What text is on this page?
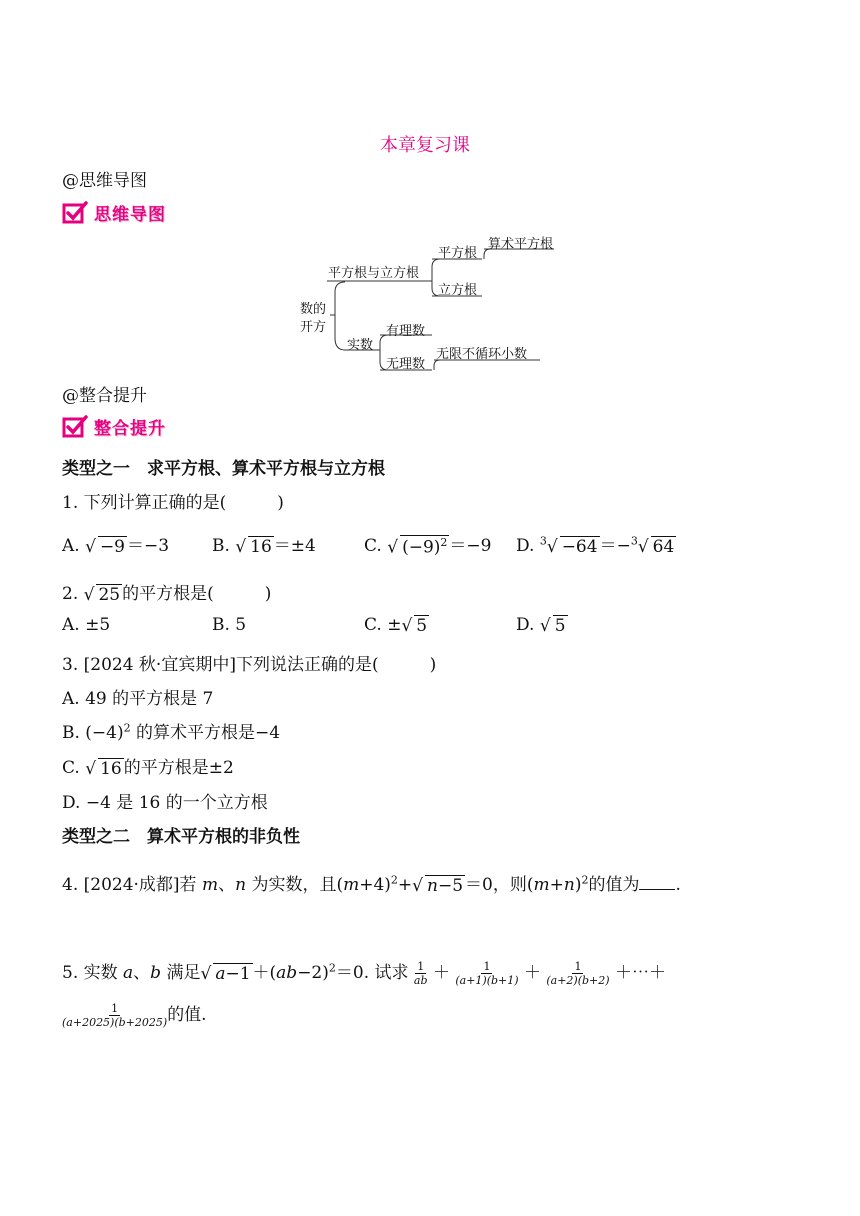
本章复习课
@思维导图
思维导图
数的
开方
平方根与立方根
平方根
算术平方根
立方根
实数
有理数
无理数
无限不循环小数
@整合提升
整合提升
类型之一　求平方根、算术平方根与立方根
1. 下列计算正确的是(　　　)
A. √ −9 ＝−3	B. √ 16 ＝±4	C. √ $(-9)^2 =-9$ D. $^3$√ −64 ＝−$^3$√ 64
2. √ 25 的平方根是(　　　)
A. ±5	B. 5	C. ±√ 5	D. √ 5
3. [2024 秋·宜宾期中]下列说法正确的是(　　　)
A. 49 的平方根是 7
B. $(-4)^2$ 的算术平方根是−4
C. √ 16 的平方根是±2
D. −4 是 16 的一个立方根
类型之二　算术平方根的非负性
4. [2024·成都]若 m、n 为实数，且$(m+4)^2+√$ n−5 ＝0，则$(m+n)^2$的值为 .
5. 实数 a、b 满足√ $a-1 +(ab-2)^2=0$. 试求 $\frac{1}{ab} + \frac{1}{(a+1)(b+1)} + \frac{1}{(a+2)(b+2)}$ ＋⋯＋
$\frac{1}{(a+2025)(b+2025)}$ 的值.
